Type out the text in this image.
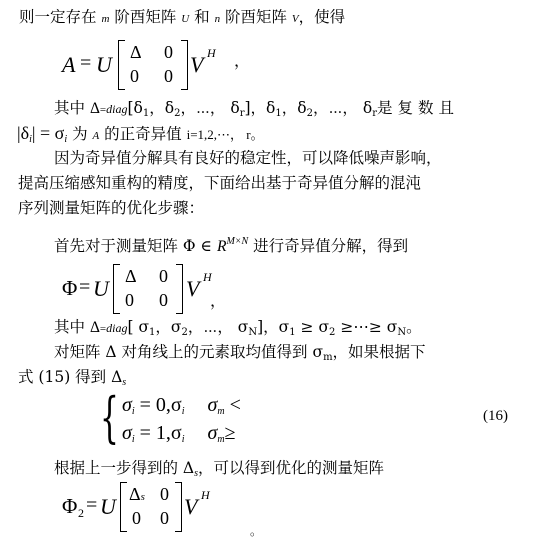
则一定存在 m 阶酉矩阵 U 和 n 阶酉矩阵 V，使得
A = U Δ 0
0 0 V H ，
其中 $\Delta=diag[\delta_1$，$\delta_2$，⋯， $\delta_r$]，$\delta_1$，$\delta_2$，⋯， $\delta_r$是复数且
$|\delta_i| = \sigma_i$ 为 A 的正奇异值 i=1,2,⋯， r。
因为奇异值分解具有良好的稳定性，可以降低噪声影响，
提高压缩感知重构的精度，下面给出基于奇异值分解的混沌
序列测量矩阵的优化步骤：
首先对于测量矩阵 Φ ∈ $R^{M\times N}$ 进行奇异值分解，得到
Φ = U Δ 0
0 0 V H
，
其中 Δ=diag[ $\sigma_1$，$\sigma_2$，⋯， $\sigma_N$]，$\sigma_1 \ge \sigma_2$ ≥⋯≥ $\sigma_N$。
对矩阵 Δ 对角线上的元素取均值得到 $\sigma_m$，如果根据下
式 (15) 得到 $\Delta_s$
{ $\sigma_i = 0,\sigma_i$ $\sigma_m$ <
$\sigma_i = 1,\sigma_i$ $\sigma_m\ge$
(16)
根据上一步得到的 $\Delta_s$，可以得到优化的测量矩阵
Φ 2 = U Δs 0
0 0 V H
。
